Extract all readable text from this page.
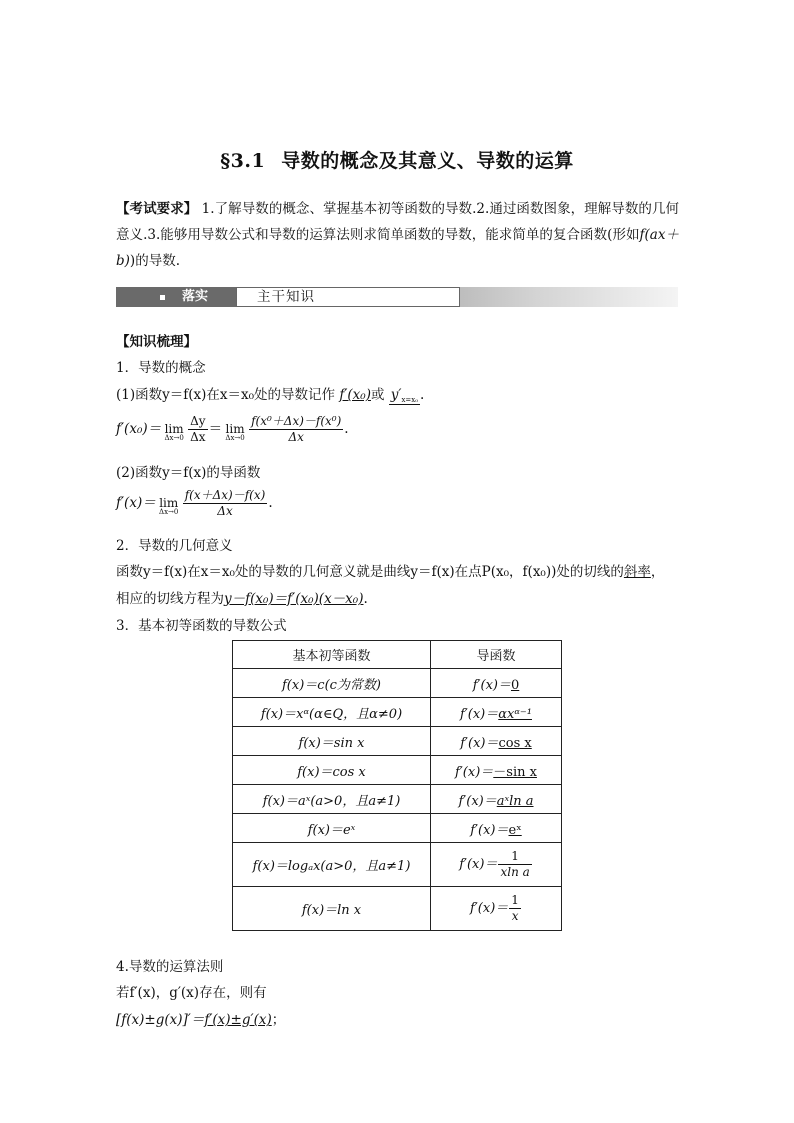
§3.1 导数的概念及其意义、导数的运算
【考试要求】 1.了解导数的概念、掌握基本初等函数的导数.2.通过函数图象，理解导数的几何意义.3.能够用导数公式和导数的运算法则求简单函数的导数，能求简单的复合函数(形如f(ax＋b))的导数.
落实	主干知识
【知识梳理】
1．导数的概念
(1)函数y＝f(x)在x＝x₀处的导数记作 f′(x₀)或 $y'_{x=x_0}$ .
f′(x₀)＝ lim
$\Delta x\to 0 \frac{\Delta y}{\Delta x} = \lim$
$\Delta x\to 0 \frac{\text{f(x⁰＋Δx)－f(x⁰)}}{\Delta x}$ .
(2)函数y＝f(x)的导函数
f′(x)＝ lim
$\Delta x\to 0 \frac{f(x+\Delta x)-f(x)}{\Delta x}$ .
2．导数的几何意义
函数y＝f(x)在x＝x₀处的导数的几何意义就是曲线y＝f(x)在点P(x₀，f(x₀))处的切线的斜率，
相应的切线方程为y－f(x₀)＝f′(x₀)(x－x₀).
3．基本初等函数的导数公式
基本初等函数	导函数
f(x)＝c(c为常数)	f′(x)＝0
f(x)＝xᵅ(α∈Q，且α≠0)	f′(x)＝αxᵅ⁻¹
f(x)＝sin x	f′(x)＝cos x
f(x)＝cos x	f′(x)＝－sin x
f(x)＝aˣ(a>0，且a≠1)	f′(x)＝aˣln a
f(x)＝eˣ	f′(x)＝eˣ
f(x)＝logₐx(a>0，且a≠1)	$f'(x)= \frac{1}{\text{xln a}}$

f(x)＝ln x	$f'(x)= \frac{1}{x}$
4.导数的运算法则
若f′(x)，g′(x)存在，则有
[f(x)±g(x)]′＝f′(x)±g′(x)；
